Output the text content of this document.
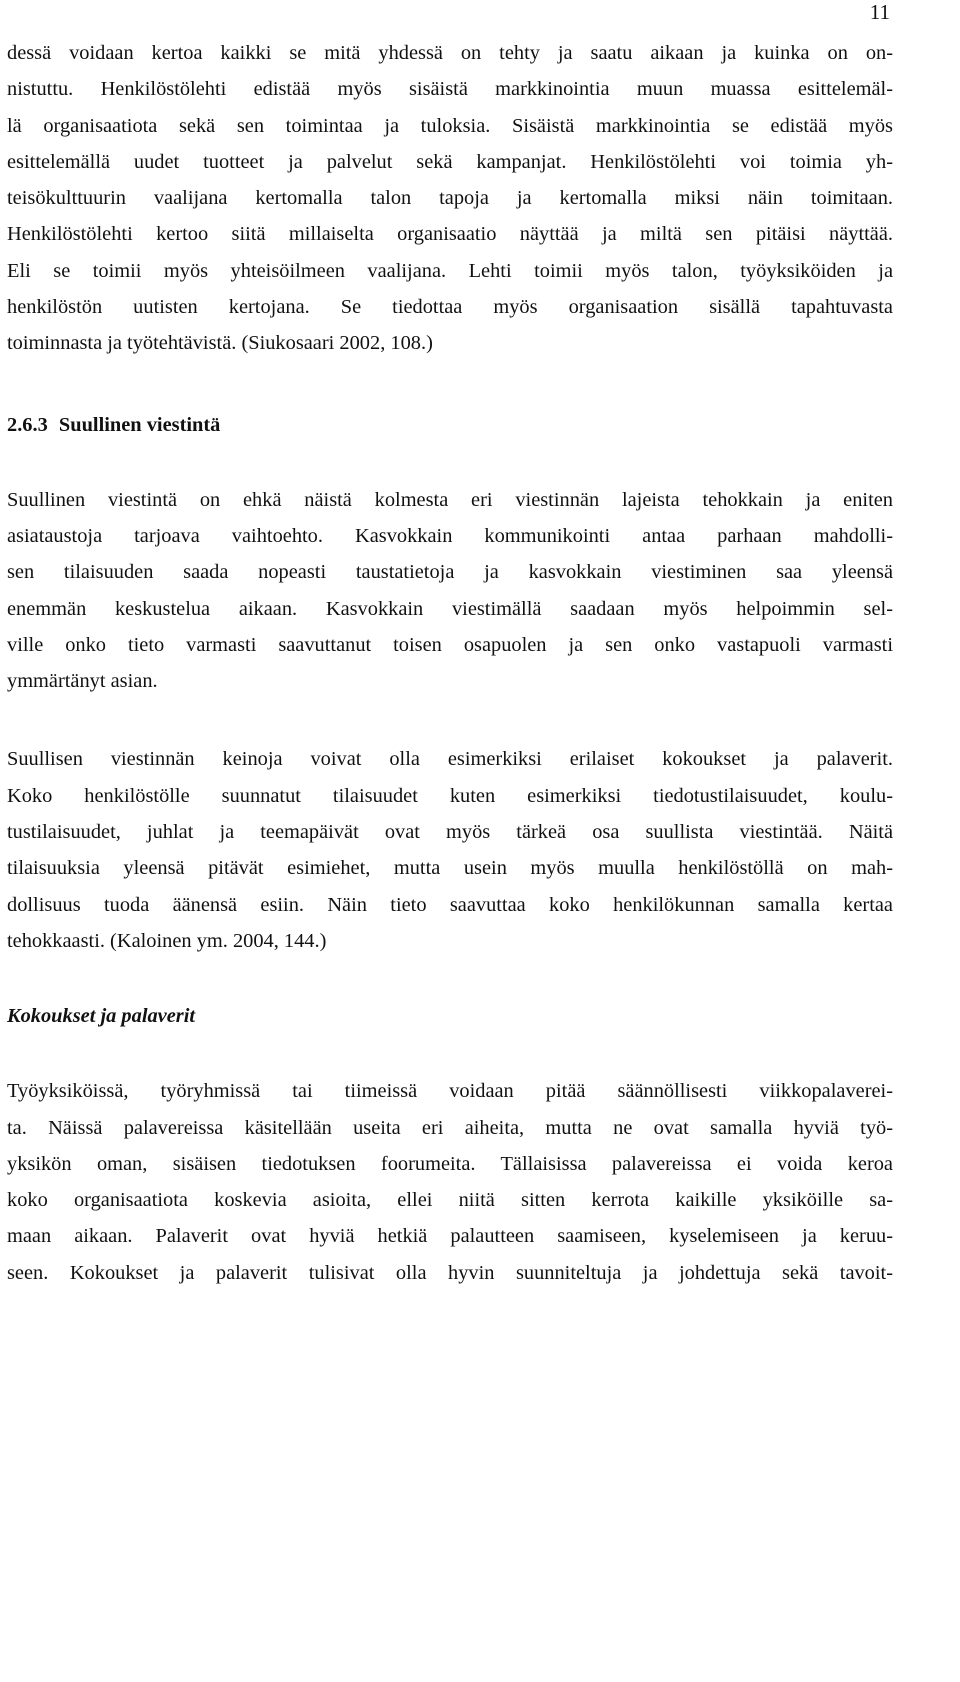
11

dessä voidaan kertoa kaikki se mitä yhdessä on tehty ja saatu aikaan ja kuinka on on-
nistuttu. Henkilöstölehti edistää myös sisäistä markkinointia muun muassa esittelemäl-
lä organisaatiota sekä sen toimintaa ja tuloksia. Sisäistä markkinointia se edistää myös
esittelemällä uudet tuotteet ja palvelut sekä kampanjat. Henkilöstölehti voi toimia yh-
teisökulttuurin vaalijana kertomalla talon tapoja ja kertomalla miksi näin toimitaan.
Henkilöstölehti kertoo siitä millaiselta organisaatio näyttää ja miltä sen pitäisi näyttää.
Eli se toimii myös yhteisöilmeen vaalijana. Lehti toimii myös talon, työyksiköiden ja
henkilöstön uutisten kertojana. Se tiedottaa myös organisaation sisällä tapahtuvasta
toiminnasta ja työtehtävistä. (Siukosaari 2002, 108.)

2.6.3 Suullinen viestintä

Suullinen viestintä on ehkä näistä kolmesta eri viestinnän lajeista tehokkain ja eniten
asiataustoja tarjoava vaihtoehto. Kasvokkain kommunikointi antaa parhaan mahdolli-
sen tilaisuuden saada nopeasti taustatietoja ja kasvokkain viestiminen saa yleensä
enemmän keskustelua aikaan. Kasvokkain viestimällä saadaan myös helpoimmin sel-
ville onko tieto varmasti saavuttanut toisen osapuolen ja sen onko vastapuoli varmasti
ymmärtänyt asian.

Suullisen viestinnän keinoja voivat olla esimerkiksi erilaiset kokoukset ja palaverit.
Koko henkilöstölle suunnatut tilaisuudet kuten esimerkiksi tiedotustilaisuudet, koulu-
tustilaisuudet, juhlat ja teemapäivät ovat myös tärkeä osa suullista viestintää. Näitä
tilaisuuksia yleensä pitävät esimiehet, mutta usein myös muulla henkilöstöllä on mah-
dollisuus tuoda äänensä esiin. Näin tieto saavuttaa koko henkilökunnan samalla kertaa
tehokkaasti. (Kaloinen ym. 2004, 144.)

Kokoukset ja palaverit

Työyksiköissä, työryhmissä tai tiimeissä voidaan pitää säännöllisesti viikkopalaverei-
ta. Näissä palavereissa käsitellään useita eri aiheita, mutta ne ovat samalla hyviä työ-
yksikön oman, sisäisen tiedotuksen foorumeita. Tällaisissa palavereissa ei voida keroa
koko organisaatiota koskevia asioita, ellei niitä sitten kerrota kaikille yksiköille sa-
maan aikaan. Palaverit ovat hyviä hetkiä palautteen saamiseen, kyselemiseen ja keruu-
seen. Kokoukset ja palaverit tulisivat olla hyvin suunniteltuja ja johdettuja sekä tavoit-
